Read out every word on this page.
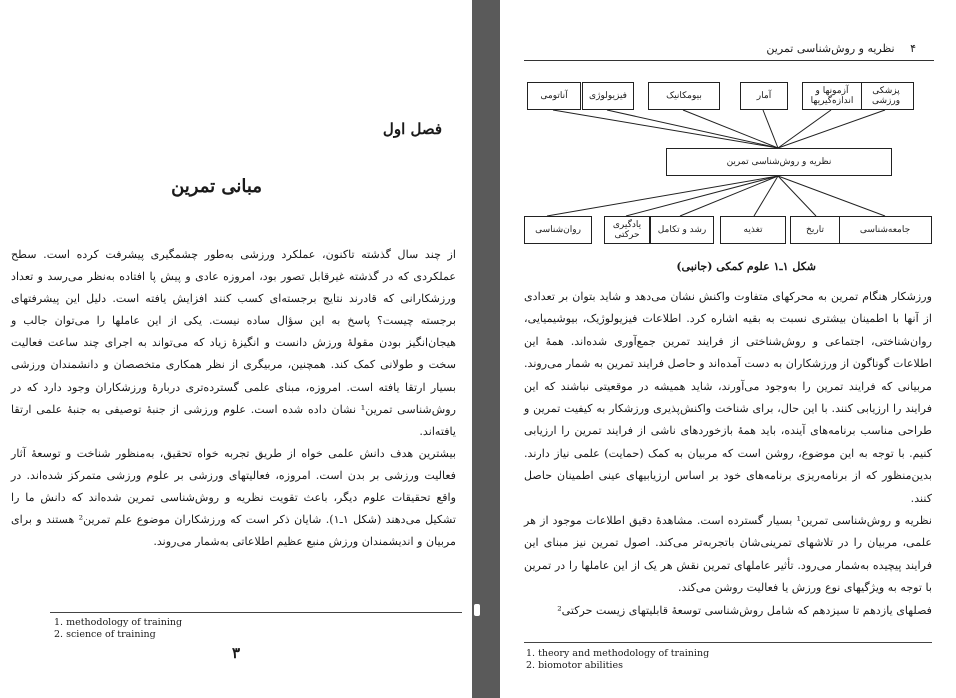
فصل اول
مبانی تمرین

از چند سال گذشته تاکنون، عملکرد ورزشی به‌طور چشمگیری پیشرفت کرده است. سطح عملکردی که در گذشته غیرقابل تصور بود، امروزه عادی و پیش پا افتاده به‌نظر می‌رسد و تعداد ورزشکارانی که قادرند نتایج برجسته‌ای کسب کنند افزایش یافته است. دلیل این پیشرفتهای برجسته چیست؟ پاسخ به این سؤال ساده نیست. یکی از این عاملها را می‌توان جالب و هیجان‌انگیز بودن مقولهٔ ورزش دانست و انگیزهٔ زیاد که می‌تواند به اجرای چند ساعت فعالیت سخت و طولانی کمک کند. همچنین، مربیگری از نظر همکاری متخصصان و دانشمندان ورزشی بسیار ارتقا یافته است. امروزه، مبنای علمی گسترده‌تری دربارهٔ ورزشکاران وجود دارد که در روش‌شناسی تمرین¹ نشان داده شده است. علوم ورزشی از جنبهٔ توصیفی به جنبهٔ علمی ارتقا یافته‌اند.

بیشترین هدف دانش علمی خواه از طریق تجربه خواه تحقیق، به‌منظور شناخت و توسعهٔ آثار فعالیت ورزشی بر بدن است. امروزه، فعالیتهای ورزشی بر علوم ورزشی متمرکز شده‌اند. در واقع تحقیقات علوم دیگر، باعث تقویت نظریه و روش‌شناسی تمرین شده‌اند که دانش ما را تشکیل می‌دهند (شکل ۱ـ۱). شایان ذکر است که ورزشکاران موضوع علم تمرین² هستند و برای مربیان و اندیشمندان ورزش منبع عظیم اطلاعاتی به‌شمار می‌روند.

1. methodology of training
2. science of training
۳
۴ نظریه و روش‌شناسی تمرین
پزشکی ورزشی
آزمونها و اندازه‌گیریها
آمار
بیومکانیک
فیزیولوژی
آناتومی
نظریه و روش‌شناسی تمرین
جامعه‌شناسی
تاریخ
تغذیه
رشد و تکامل
یادگیری حرکتی
روان‌شناسی
شکل ۱ـ۱ علوم کمکی (جانبی)

ورزشکار هنگام تمرین به محرکهای متفاوت واکنش نشان می‌دهد و شاید بتوان بر تعدادی از آنها با اطمینان بیشتری نسبت به بقیه اشاره کرد. اطلاعات فیزیولوژیک، بیوشیمیایی، روان‌شناختی، اجتماعی و روش‌شناختی از فرایند تمرین جمع‌آوری شده‌اند. همهٔ این اطلاعات گوناگون از ورزشکاران به دست آمده‌اند و حاصل فرایند تمرین به شمار می‌روند. مربیانی که فرایند تمرین را به‌وجود می‌آورند، شاید همیشه در موقعیتی نباشند که این فرایند را ارزیابی کنند. با این حال، برای شناخت واکنش‌پذیری ورزشکار به کیفیت تمرین و طراحی مناسب برنامه‌های آینده، باید همهٔ بازخوردهای ناشی از فرایند تمرین را ارزیابی کنیم. با توجه به این موضوع، روشن است که مربیان به کمک (حمایت) علمی نیاز دارند. بدین‌منظور که از برنامه‌ریزی برنامه‌های خود بر اساس ارزیابیهای عینی اطمینان حاصل کنند.

نظریه و روش‌شناسی تمرین¹ بسیار گسترده است. مشاهدهٔ دقیق اطلاعات موجود از هر علمی، مربیان را در تلاشهای تمرینی‌شان باتجربه‌تر می‌کند. اصول تمرین نیز مبنای این فرایند پیچیده به‌شمار می‌رود. تأثیر عاملهای تمرین نقش هر یک از این عاملها را در تمرین با توجه به ویژگیهای نوع ورزش یا فعالیت روشن می‌کند.

فصلهای یازدهم تا سیزدهم که شامل روش‌شناسی توسعهٔ قابلیتهای زیست حرکتی²

1. theory and methodology of training
2. biomotor abilities
